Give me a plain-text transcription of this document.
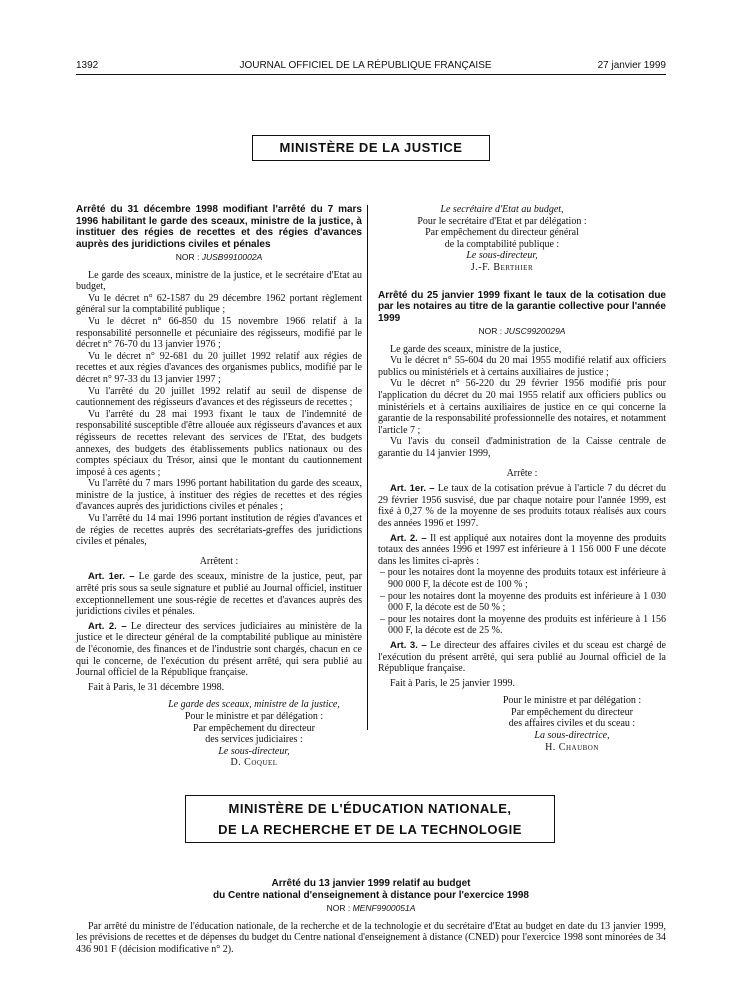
1392	JOURNAL OFFICIEL DE LA RÉPUBLIQUE FRANÇAISE	27 janvier 1999
MINISTÈRE DE LA JUSTICE

Arrêté du 31 décembre 1998 modifiant l'arrêté du 7 mars 1996 habilitant le garde des sceaux, ministre de la justice, à instituer des régies de recettes et des régies d'avances auprès des juridictions civiles et pénales

NOR : JUSB9910002A

Le garde des sceaux, ministre de la justice, et le secrétaire d'Etat au budget,

Vu le décret n° 62-1587 du 29 décembre 1962 portant règlement général sur la comptabilité publique ;

Vu le décret n° 66-850 du 15 novembre 1966 relatif à la responsabilité personnelle et pécuniaire des régisseurs, modifié par le décret n° 76-70 du 13 janvier 1976 ;

Vu le décret n° 92-681 du 20 juillet 1992 relatif aux régies de recettes et aux régies d'avances des organismes publics, modifié par le décret n° 97-33 du 13 janvier 1997 ;

Vu l'arrêté du 20 juillet 1992 relatif au seuil de dispense de cautionnement des régisseurs d'avances et des régisseurs de recettes ;

Vu l'arrêté du 28 mai 1993 fixant le taux de l'indemnité de responsabilité susceptible d'être allouée aux régisseurs d'avances et aux régisseurs de recettes relevant des services de l'Etat, des budgets annexes, des budgets des établissements publics nationaux ou des comptes spéciaux du Trésor, ainsi que le montant du cautionnement imposé à ces agents ;

Vu l'arrêté du 7 mars 1996 portant habilitation du garde des sceaux, ministre de la justice, à instituer des régies de recettes et des régies d'avances auprès des juridictions civiles et pénales ;

Vu l'arrêté du 14 mai 1996 portant institution de régies d'avances et de régies de recettes auprès des secrétariats-greffes des juridictions civiles et pénales,

Arrêtent :

Art. 1er. – Le garde des sceaux, ministre de la justice, peut, par arrêté pris sous sa seule signature et publié au Journal officiel, instituer exceptionnellement une sous-régie de recettes et d'avances auprès des juridictions civiles et pénales.

Art. 2. – Le directeur des services judiciaires au ministère de la justice et le directeur général de la comptabilité publique au ministère de l'économie, des finances et de l'industrie sont chargés, chacun en ce qui le concerne, de l'exécution du présent arrêté, qui sera publié au Journal officiel de la République française.

Fait à Paris, le 31 décembre 1998.

Le garde des sceaux, ministre de la justice,

Pour le ministre et par délégation :

Par empêchement du directeur

des services judiciaires :

Le sous-directeur,

D. Coquel

Le secrétaire d'Etat au budget,

Pour le secrétaire d'Etat et par délégation :

Par empêchement du directeur général

de la comptabilité publique :

Le sous-directeur,

J.-F. Berthier

Arrêté du 25 janvier 1999 fixant le taux de la cotisation due par les notaires au titre de la garantie collective pour l'année 1999

NOR : JUSC9920029A

Le garde des sceaux, ministre de la justice,

Vu le décret n° 55-604 du 20 mai 1955 modifié relatif aux officiers publics ou ministériels et à certains auxiliaires de justice ;

Vu le décret n° 56-220 du 29 février 1956 modifié pris pour l'application du décret du 20 mai 1955 relatif aux officiers publics ou ministériels et à certains auxiliaires de justice en ce qui concerne la garantie de la responsabilité professionnelle des notaires, et notamment l'article 7 ;

Vu l'avis du conseil d'administration de la Caisse centrale de garantie du 14 janvier 1999,

Arrête :

Art. 1er. – Le taux de la cotisation prévue à l'article 7 du décret du 29 février 1956 susvisé, due par chaque notaire pour l'année 1999, est fixé à 0,27 % de la moyenne de ses produits totaux réalisés aux cours des années 1996 et 1997.

Art. 2. – Il est appliqué aux notaires dont la moyenne des produits totaux des années 1996 et 1997 est inférieure à 1 156 000 F une décote dans les limites ci-après :

– pour les notaires dont la moyenne des produits totaux est inférieure à 900 000 F, la décote est de 100 % ;

– pour les notaires dont la moyenne des produits est inférieure à 1 030 000 F, la décote est de 50 % ;

– pour les notaires dont la moyenne des produits est inférieure à 1 156 000 F, la décote est de 25 %.

Art. 3. – Le directeur des affaires civiles et du sceau est chargé de l'exécution du présent arrêté, qui sera publié au Journal officiel de la République française.

Fait à Paris, le 25 janvier 1999.

Pour le ministre et par délégation :

Par empêchement du directeur

des affaires civiles et du sceau :

La sous-directrice,

H. Chaubon

MINISTÈRE DE L'ÉDUCATION NATIONALE,
DE LA RECHERCHE ET DE LA TECHNOLOGIE

Arrêté du 13 janvier 1999 relatif au budget

du Centre national d'enseignement à distance pour l'exercice 1998

NOR : MENF9900051A

Par arrêté du ministre de l'éducation nationale, de la recherche et de la technologie et du secrétaire d'Etat au budget en date du 13 janvier 1999, les prévisions de recettes et de dépenses du budget du Centre national d'enseignement à distance (CNED) pour l'exercice 1998 sont minorées de 34 436 901 F (décision modificative n° 2).
